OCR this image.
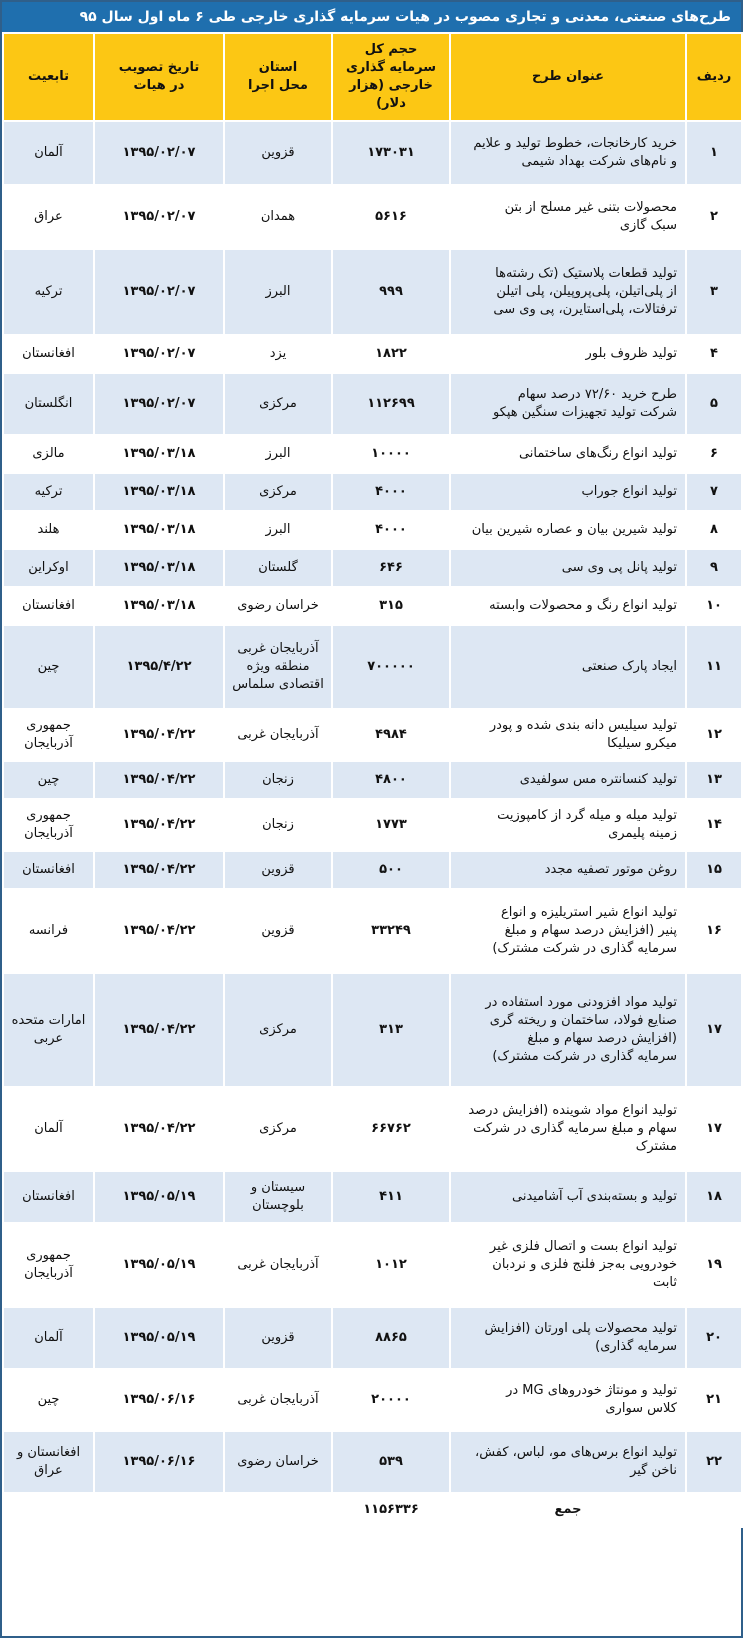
طرح‌های صنعتی، معدنی و تجاری مصوب در هیات سرمایه گذاری خارجی طی ۶ ماه اول سال ۹۵
ردیف	عنوان طرح	حجم کل
سرمایه گذاری
خارجی (هزار دلار)	استان
محل اجرا	تاریخ تصویب
در هیات	تابعیت

۱	خرید کارخانجات، خطوط تولید و علایم
و نام‌های شرکت بهداد شیمی	۱۷۳۰۳۱	قزوین	۱۳۹۵/۰۲/۰۷	آلمان

۲	محصولات بتنی غیر مسلح از بتن
سبک گازی	۵۶۱۶	همدان	۱۳۹۵/۰۲/۰۷	عراق

۳	تولید قطعات پلاستیک (تک رشته‌ها
از پلی‌اتیلن، پلی‌پروپیلن، پلی اتیلن
ترفتالات، پلی‌استایرن، پی وی سی	۹۹۹	البرز	۱۳۹۵/۰۲/۰۷	ترکیه

۴	تولید ظروف بلور	۱۸۲۲	یزد	۱۳۹۵/۰۲/۰۷	افغانستان

۵	طرح خرید ۷۲/۶۰ درصد سهام
شرکت تولید تجهیزات سنگین هپکو	۱۱۲۶۹۹	مرکزی	۱۳۹۵/۰۲/۰۷	انگلستان

۶	تولید انواع رنگ‌های ساختمانی	۱۰۰۰۰	البرز	۱۳۹۵/۰۳/۱۸	مالزی

۷	تولید انواع جوراب	۴۰۰۰	مرکزی	۱۳۹۵/۰۳/۱۸	ترکیه

۸	تولید شیرین بیان و عصاره شیرین بیان	۴۰۰۰	البرز	۱۳۹۵/۰۳/۱۸	هلند

۹	تولید پانل پی وی سی	۶۴۶	گلستان	۱۳۹۵/۰۳/۱۸	اوکراین

۱۰	تولید انواع رنگ و محصولات وابسته	۳۱۵	خراسان رضوی	۱۳۹۵/۰۳/۱۸	افغانستان

۱۱	ایجاد پارک صنعتی	۷۰۰۰۰۰	آذربایجان غربی
منطقه ویژه
اقتصادی سلماس	۱۳۹۵/۴/۲۲	چین

۱۲	تولید سیلیس دانه بندی شده و پودر
میکرو سیلیکا	۴۹۸۴	آذربایجان غربی	۱۳۹۵/۰۴/۲۲	جمهوری
آذربایجان

۱۳	تولید کنسانتره مس سولفیدی	۴۸۰۰	زنجان	۱۳۹۵/۰۴/۲۲	چین

۱۴	تولید میله و میله گرد از کامپوزیت
زمینه پلیمری	۱۷۷۳	زنجان	۱۳۹۵/۰۴/۲۲	جمهوری
آذربایجان

۱۵	روغن موتور تصفیه مجدد	۵۰۰	قزوین	۱۳۹۵/۰۴/۲۲	افغانستان

۱۶	تولید انواع شیر استریلیزه و انواع
پنیر (افزایش درصد سهام و مبلغ
سرمایه گذاری در شرکت مشترک)	۳۳۲۴۹	قزوین	۱۳۹۵/۰۴/۲۲	فرانسه

۱۷	تولید مواد افزودنی مورد استفاده در
صنایع فولاد، ساختمان و ریخته گری
(افزایش درصد سهام و مبلغ
سرمایه گذاری در شرکت مشترک)	۳۱۳	مرکزی	۱۳۹۵/۰۴/۲۲	امارات متحده
عربی

۱۷	تولید انواع مواد شوینده (افزایش درصد
سهام و مبلغ سرمایه گذاری در شرکت
مشترک	۶۶۷۶۲	مرکزی	۱۳۹۵/۰۴/۲۲	آلمان

۱۸	تولید و بسته‌بندی آب آشامیدنی	۴۱۱	سیستان و
بلوچستان	۱۳۹۵/۰۵/۱۹	افغانستان

۱۹	تولید انواع بست و اتصال فلزی غیر
خودرویی به‌جز فلنج فلزی و نردبان
ثابت	۱۰۱۲	آذربایجان غربی	۱۳۹۵/۰۵/۱۹	جمهوری
آذربایجان

۲۰	تولید محصولات پلی اورتان (افزایش
سرمایه گذاری)	۸۸۶۵	قزوین	۱۳۹۵/۰۵/۱۹	آلمان

۲۱	تولید و مونتاژ خودروهای MG در
کلاس سواری	۲۰۰۰۰	آذربایجان غربی	۱۳۹۵/۰۶/۱۶	چین

۲۲	تولید انواع برس‌های مو، لباس، کفش،
ناخن گیر	۵۳۹	خراسان رضوی	۱۳۹۵/۰۶/۱۶	افغانستان و
عراق

	جمع	۱۱۵۶۳۳۶			
